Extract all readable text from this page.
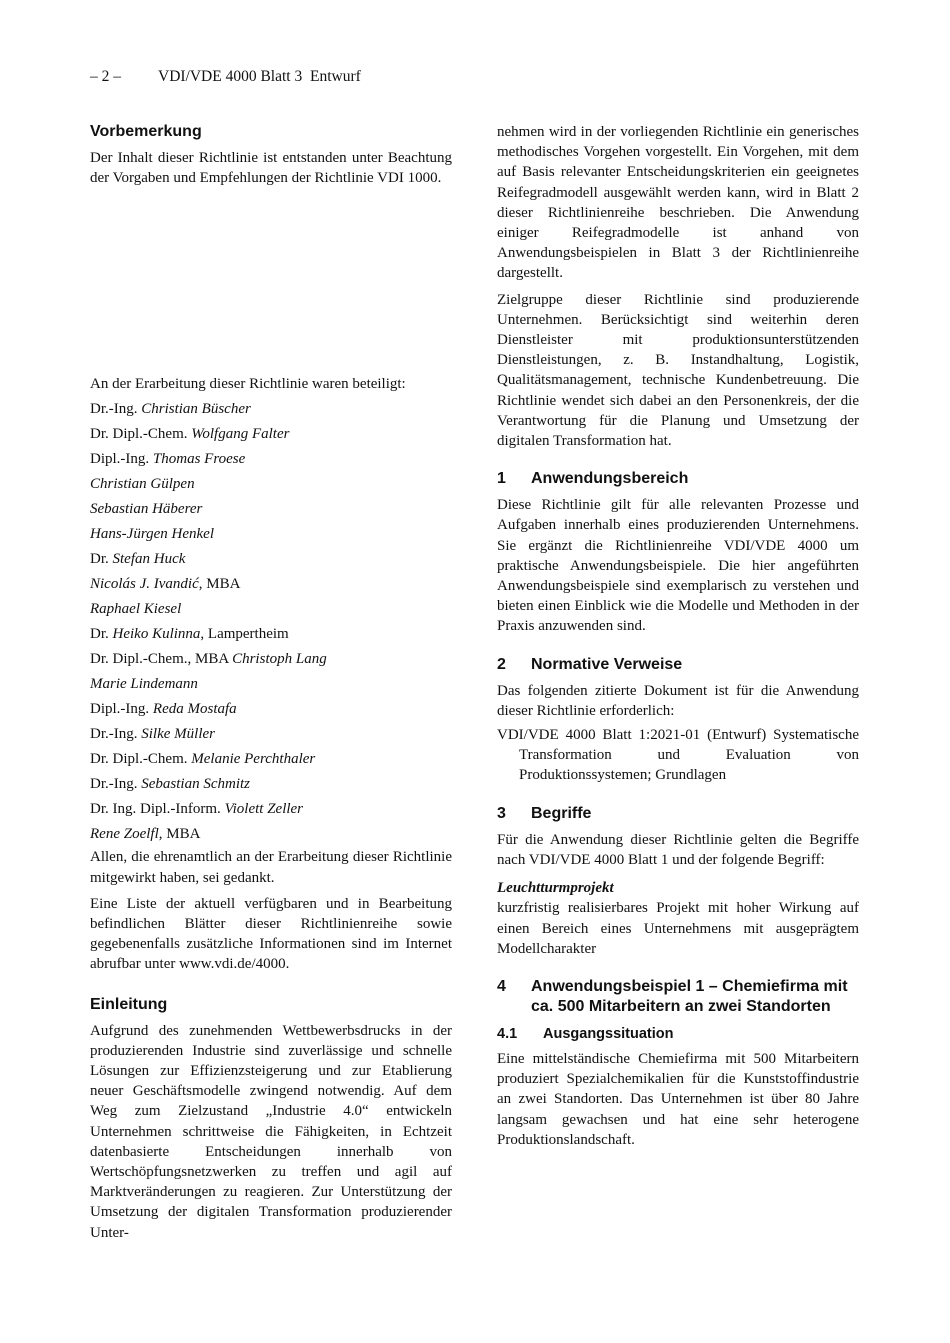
– 2 – VDI/VDE 4000 Blatt 3  Entwurf
Vorbemerkung

Der Inhalt dieser Richtlinie ist entstanden unter Beachtung der Vorgaben und Empfehlungen der Richtlinie VDI 1000.

An der Erarbeitung dieser Richtlinie waren beteiligt:

Dr.-Ing. Christian Büscher
Dr. Dipl.-Chem. Wolfgang Falter
Dipl.-Ing. Thomas Froese
Christian Gülpen
Sebastian Häberer
Hans-Jürgen Henkel
Dr. Stefan Huck
Nicolás J. Ivandić, MBA
Raphael Kiesel
Dr. Heiko Kulinna, Lampertheim
Dr. Dipl.-Chem., MBA Christoph Lang
Marie Lindemann
Dipl.-Ing. Reda Mostafa
Dr.-Ing. Silke Müller
Dr. Dipl.-Chem. Melanie Perchthaler
Dr.-Ing. Sebastian Schmitz
Dr. Ing. Dipl.-Inform. Violett Zeller
Rene Zoelfl, MBA

Allen, die ehrenamtlich an der Erarbeitung dieser Richtlinie mitgewirkt haben, sei gedankt.

Eine Liste der aktuell verfügbaren und in Bearbeitung befindlichen Blätter dieser Richtlinienreihe sowie gegebenenfalls zusätzliche Informationen sind im Internet abrufbar unter www.vdi.de/4000.

Einleitung

Aufgrund des zunehmenden Wettbewerbsdrucks in der produzierenden Industrie sind zuverlässige und schnelle Lösungen zur Effizienzsteigerung und zur Etablierung neuer Geschäftsmodelle zwingend notwendig. Auf dem Weg zum Zielzustand „Industrie 4.0“ entwickeln Unternehmen schrittweise die Fähigkeiten, in Echtzeit datenbasierte Entscheidungen innerhalb von Wertschöpfungsnetzwerken zu treffen und agil auf Marktveränderungen zu reagieren. Zur Unterstützung der Umsetzung der digitalen Transformation produzierender Unter-

nehmen wird in der vorliegenden Richtlinie ein generisches methodisches Vorgehen vorgestellt. Ein Vorgehen, mit dem auf Basis relevanter Entscheidungskriterien ein geeignetes Reifegradmodell ausgewählt werden kann, wird in Blatt 2 dieser Richtlinienreihe beschrieben. Die Anwendung einiger Reifegradmodelle ist anhand von Anwendungsbeispielen in Blatt 3 der Richtlinienreihe dargestellt.

Zielgruppe dieser Richtlinie sind produzierende Unternehmen. Berücksichtigt sind weiterhin deren Dienstleister mit produktionsunterstützenden Dienstleistungen, z. B. Instandhaltung, Logistik, Qualitätsmanagement, technische Kundenbetreuung. Die Richtlinie wendet sich dabei an den Personenkreis, der die Verantwortung für die Planung und Umsetzung der digitalen Transformation hat.

1 Anwendungsbereich

Diese Richtlinie gilt für alle relevanten Prozesse und Aufgaben innerhalb eines produzierenden Unternehmens. Sie ergänzt die Richtlinienreihe VDI/VDE 4000 um praktische Anwendungsbeispiele. Die hier angeführten Anwendungsbeispiele sind exemplarisch zu verstehen und bieten einen Einblick wie die Modelle und Methoden in der Praxis anzuwenden sind.

2 Normative Verweise

Das folgenden zitierte Dokument ist für die Anwendung dieser Richtlinie erforderlich:

VDI/VDE 4000 Blatt 1:2021-01 (Entwurf) Systematische Transformation und Evaluation von Produktionssystemen; Grundlagen

3 Begriffe

Für die Anwendung dieser Richtlinie gelten die Begriffe nach VDI/VDE 4000 Blatt 1 und der folgende Begriff:

Leuchtturmprojekt

kurzfristig realisierbares Projekt mit hoher Wirkung auf einen Bereich eines Unternehmens mit ausgeprägtem Modellcharakter

4 Anwendungsbeispiel 1 – Chemiefirma mit ca. 500 Mitarbeitern an zwei Standorten
4.1 Ausgangssituation

Eine mittelständische Chemiefirma mit 500 Mitarbeitern produziert Spezialchemikalien für die Kunststoffindustrie an zwei Standorten. Das Unternehmen ist über 80 Jahre langsam gewachsen und hat eine sehr heterogene Produktionslandschaft.
